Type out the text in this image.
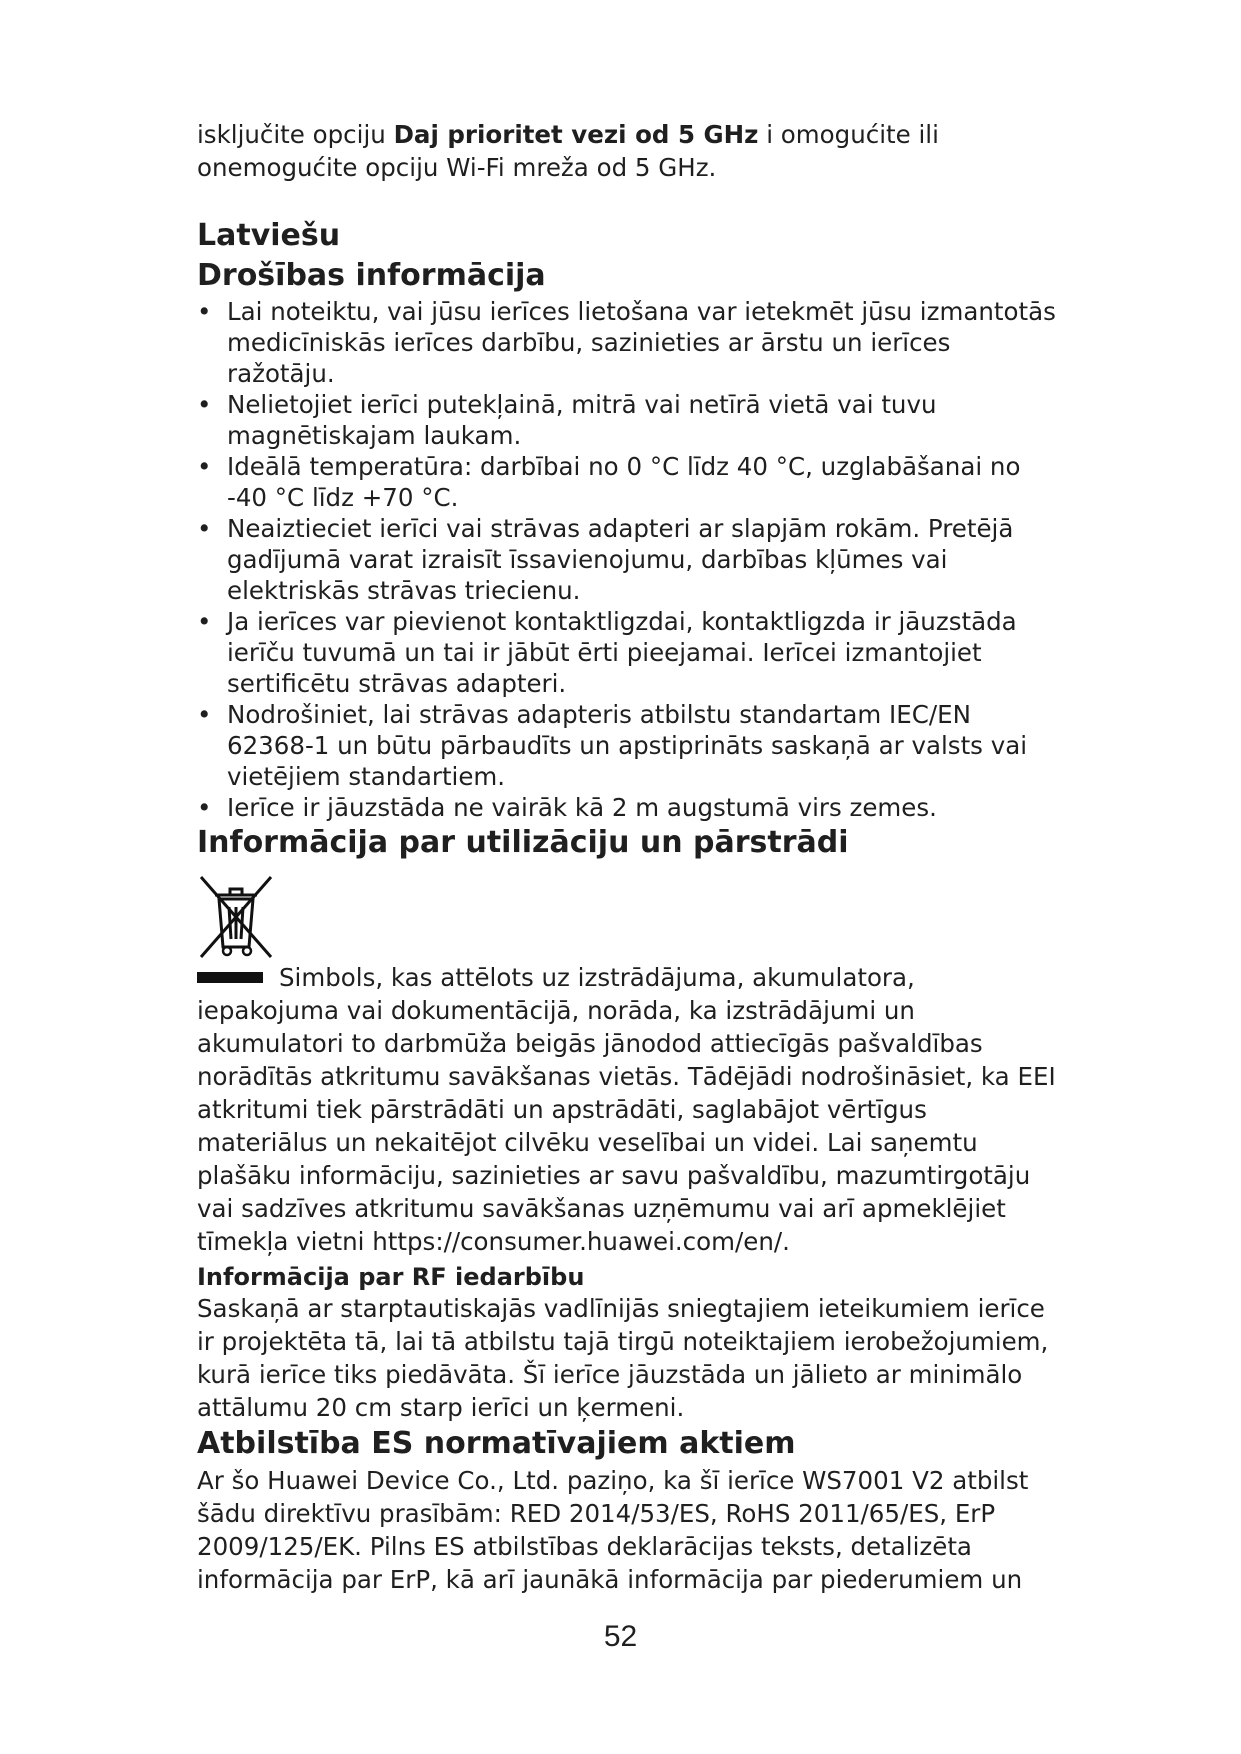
isključite opciju Daj prioritet vezi od 5 GHz i omogućite ili onemogućite opciju Wi-Fi mreža od 5 GHz.

Latviešu
Drošības informācija
• Lai noteiktu, vai jūsu ierīces lietošana var ietekmēt jūsu izmantotās medicīniskās ierīces darbību, sazinieties ar ārstu un ierīces ražotāju.
• Nelietojiet ierīci putekļainā, mitrā vai netīrā vietā vai tuvu magnētiskajam laukam.
• Ideālā temperatūra: darbībai no 0 °C līdz 40 °C, uzglabāšanai no -40 °C līdz +70 °C.
• Neaiztieciet ierīci vai strāvas adapteri ar slapjām rokām. Pretējā gadījumā varat izraisīt īssavienojumu, darbības kļūmes vai elektriskās strāvas triecienu.
• Ja ierīces var pievienot kontaktligzdai, kontaktligzda ir jāuzstāda ierīču tuvumā un tai ir jābūt ērti pieejamai. Ierīcei izmantojiet sertificētu strāvas adapteri.
• Nodrošiniet, lai strāvas adapteris atbilstu standartam IEC/EN 62368-1 un būtu pārbaudīts un apstiprināts saskaņā ar valsts vai vietējiem standartiem.
• Ierīce ir jāuzstāda ne vairāk kā 2 m augstumā virs zemes.
Informācija par utilizāciju un pārstrādi
Simbols, kas attēlots uz izstrādājuma, akumulatora,

iepakojuma vai dokumentācijā, norāda, ka izstrādājumi un akumulatori to darbmūža beigās jānodod attiecīgās pašvaldības norādītās atkritumu savākšanas vietās. Tādējādi nodrošināsiet, ka EEI atkritumi tiek pārstrādāti un apstrādāti, saglabājot vērtīgus materiālus un nekaitējot cilvēku veselībai un videi. Lai saņemtu plašāku informāciju, sazinieties ar savu pašvaldību, mazumtirgotāju vai sadzīves atkritumu savākšanas uzņēmumu vai arī apmeklējiet tīmekļa vietni https://consumer.huawei.com/en/.

Informācija par RF iedarbību

Saskaņā ar starptautiskajās vadlīnijās sniegtajiem ieteikumiem ierīce ir projektēta tā, lai tā atbilstu tajā tirgū noteiktajiem ierobežojumiem, kurā ierīce tiks piedāvāta. Šī ierīce jāuzstāda un jālieto ar minimālo attālumu 20 cm starp ierīci un ķermeni.

Atbilstība ES normatīvajiem aktiem

Ar šo Huawei Device Co., Ltd. paziņo, ka šī ierīce WS7001 V2 atbilst šādu direktīvu prasībām: RED 2014/53/ES, RoHS 2011/65/ES, ErP 2009/125/EK. Pilns ES atbilstības deklarācijas teksts, detalizēta informācija par ErP, kā arī jaunākā informācija par piederumiem un

52
